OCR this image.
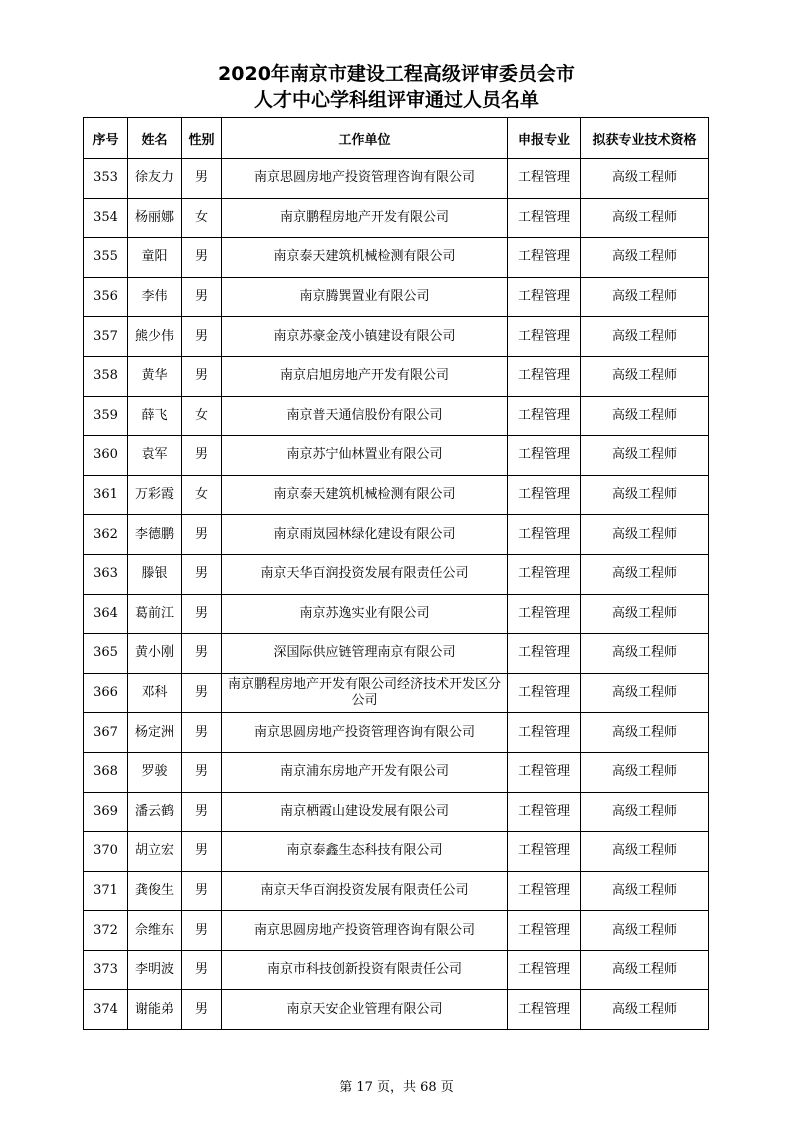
2020年南京市建设工程高级评审委员会市
人才中心学科组评审通过人员名单
序号	姓名	性别	工作单位	申报专业	拟获专业技术资格
353	徐友力	男	南京思圆房地产投资管理咨询有限公司	工程管理	高级工程师
354	杨丽娜	女	南京鹏程房地产开发有限公司	工程管理	高级工程师
355	童阳	男	南京泰天建筑机械检测有限公司	工程管理	高级工程师
356	李伟	男	南京腾巽置业有限公司	工程管理	高级工程师
357	熊少伟	男	南京苏豪金茂小镇建设有限公司	工程管理	高级工程师
358	黄华	男	南京启旭房地产开发有限公司	工程管理	高级工程师
359	薛飞	女	南京普天通信股份有限公司	工程管理	高级工程师
360	袁军	男	南京苏宁仙林置业有限公司	工程管理	高级工程师
361	万彩霞	女	南京泰天建筑机械检测有限公司	工程管理	高级工程师
362	李德鹏	男	南京雨岚园林绿化建设有限公司	工程管理	高级工程师
363	滕银	男	南京天华百润投资发展有限责任公司	工程管理	高级工程师
364	葛前江	男	南京苏逸实业有限公司	工程管理	高级工程师
365	黄小刚	男	深国际供应链管理南京有限公司	工程管理	高级工程师
366	邓科	男	南京鹏程房地产开发有限公司经济技术开发区分公司	工程管理	高级工程师
367	杨定洲	男	南京思圆房地产投资管理咨询有限公司	工程管理	高级工程师
368	罗骏	男	南京浦东房地产开发有限公司	工程管理	高级工程师
369	潘云鹤	男	南京栖霞山建设发展有限公司	工程管理	高级工程师
370	胡立宏	男	南京泰鑫生态科技有限公司	工程管理	高级工程师
371	龚俊生	男	南京天华百润投资发展有限责任公司	工程管理	高级工程师
372	佘维东	男	南京思圆房地产投资管理咨询有限公司	工程管理	高级工程师
373	李明波	男	南京市科技创新投资有限责任公司	工程管理	高级工程师
374	谢能弟	男	南京天安企业管理有限公司	工程管理	高级工程师
第 17 页，共 68 页
